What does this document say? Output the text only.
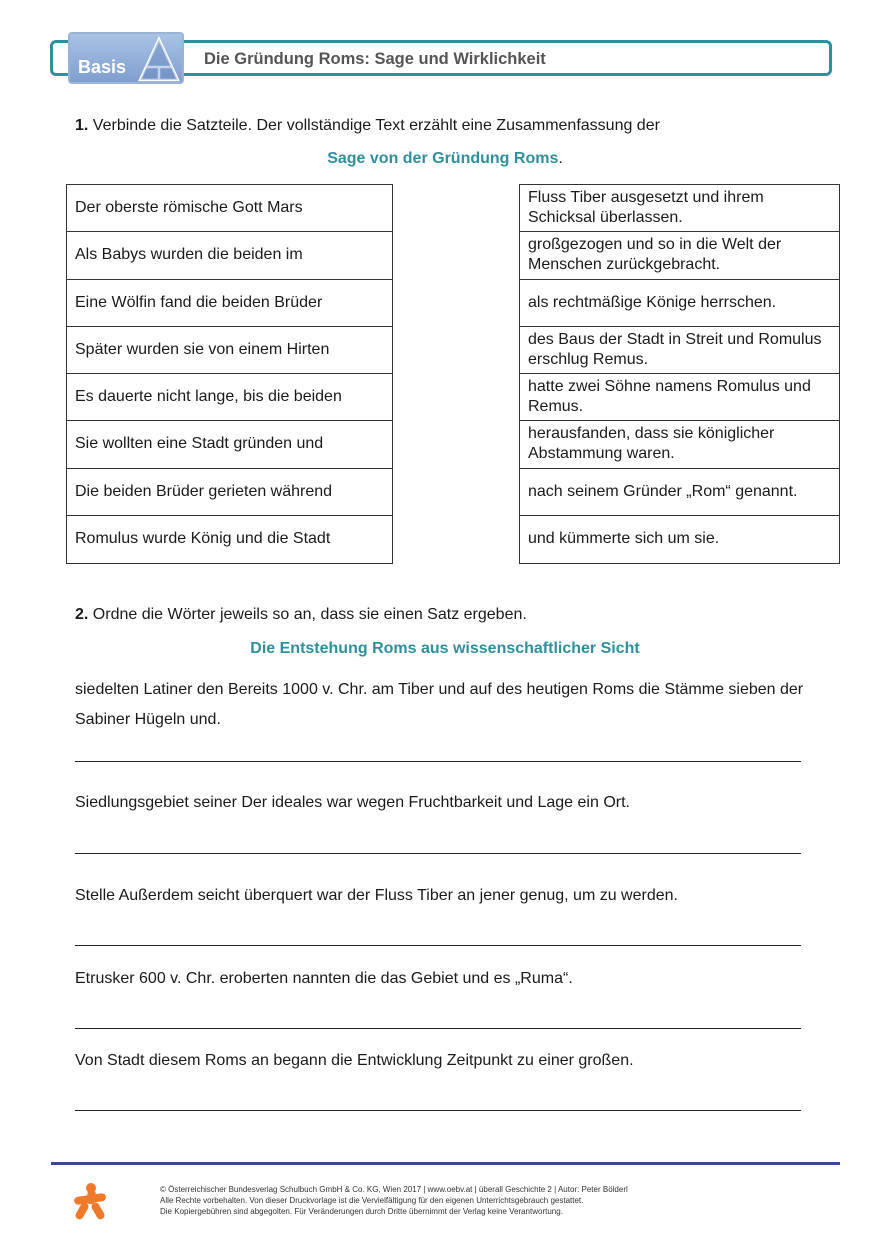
Basis	Die Gründung Roms: Sage und Wirklichkeit
1. Verbinde die Satzteile. Der vollständige Text erzählt eine Zusammenfassung der
Sage von der Gründung Roms.
Der oberste römische Gott Mars
Als Babys wurden die beiden im
Eine Wölfin fand die beiden Brüder
Später wurden sie von einem Hirten
Es dauerte nicht lange, bis die beiden
Sie wollten eine Stadt gründen und
Die beiden Brüder gerieten während
Romulus wurde König und die Stadt
Fluss Tiber ausgesetzt und ihrem Schicksal überlassen.
großgezogen und so in die Welt der Menschen zurückgebracht.
als rechtmäßige Könige herrschen.
des Baus der Stadt in Streit und Romulus erschlug Remus.
hatte zwei Söhne namens Romulus und Remus.
herausfanden, dass sie königlicher Abstammung waren.
nach seinem Gründer „Rom“ genannt.
und kümmerte sich um sie.
2. Ordne die Wörter jeweils so an, dass sie einen Satz ergeben.
Die Entstehung Roms aus wissenschaftlicher Sicht
siedelten Latiner den Bereits 1000 v. Chr. am Tiber und auf des heutigen Roms die Stämme sieben der Sabiner Hügeln und.
Siedlungsgebiet seiner Der ideales war wegen Fruchtbarkeit und Lage ein Ort.
Stelle Außerdem seicht überquert war der Fluss Tiber an jener genug, um zu werden.
Etrusker 600 v. Chr. eroberten nannten die das Gebiet und es „Ruma“.
Von Stadt diesem Roms an begann die Entwicklung Zeitpunkt zu einer großen.
© Österreichischer Bundesverlag Schulbuch GmbH & Co. KG, Wien 2017 | www.oebv.at | überall Geschichte 2 | Autor: Peter Bölderl
Alle Rechte vorbehalten. Von dieser Druckvorlage ist die Vervielfältigung für den eigenen Unterrichtsgebrauch gestattet.
Die Kopiergebühren sind abgegolten. Für Veränderungen durch Dritte übernimmt der Verlag keine Verantwortung.
